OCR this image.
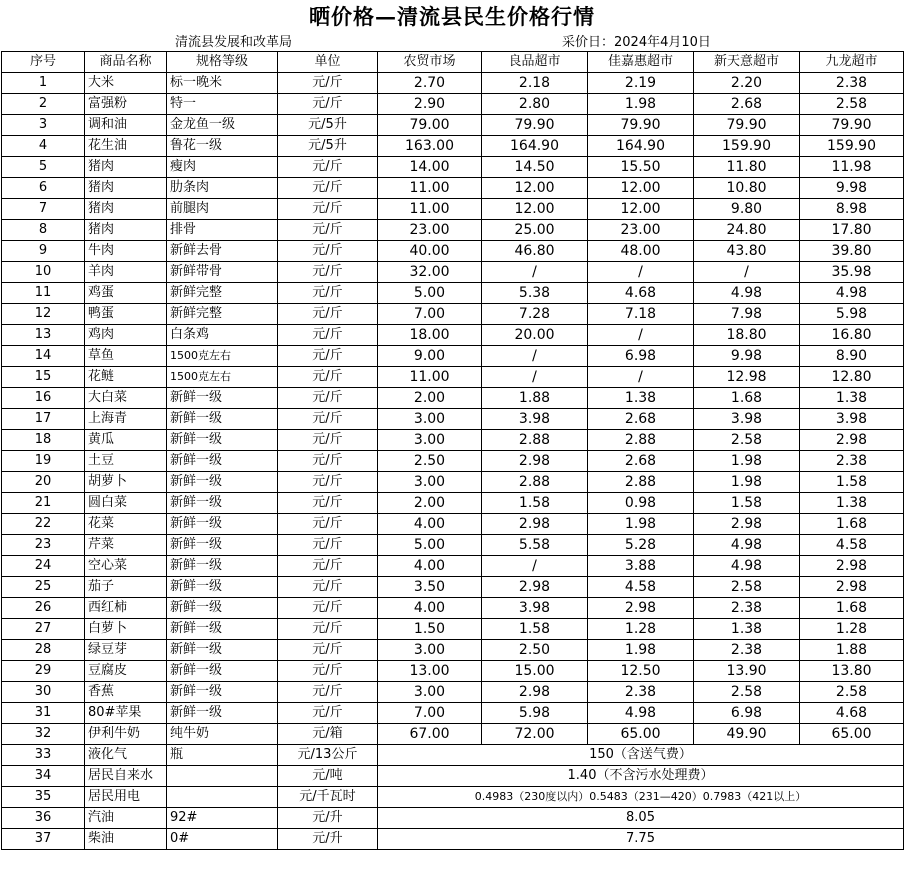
晒价格—清流县民生价格行情
清流县发展和改革局	采价日：2024年4月10日
序号	商品名称	规格等级	单位	农贸市场	良品超市	佳嘉惠超市	新天意超市	九龙超市
1	大米	标一晚米	元/斤	2.70	2.18	2.19	2.20	2.38
2	富强粉	特一	元/斤	2.90	2.80	1.98	2.68	2.58
3	调和油	金龙鱼一级	元/5升	79.00	79.90	79.90	79.90	79.90
4	花生油	鲁花一级	元/5升	163.00	164.90	164.90	159.90	159.90
5	猪肉	瘦肉	元/斤	14.00	14.50	15.50	11.80	11.98
6	猪肉	肋条肉	元/斤	11.00	12.00	12.00	10.80	9.98
7	猪肉	前腿肉	元/斤	11.00	12.00	12.00	9.80	8.98
8	猪肉	排骨	元/斤	23.00	25.00	23.00	24.80	17.80
9	牛肉	新鲜去骨	元/斤	40.00	46.80	48.00	43.80	39.80
10	羊肉	新鲜带骨	元/斤	32.00	/	/	/	35.98
11	鸡蛋	新鲜完整	元/斤	5.00	5.38	4.68	4.98	4.98
12	鸭蛋	新鲜完整	元/斤	7.00	7.28	7.18	7.98	5.98
13	鸡肉	白条鸡	元/斤	18.00	20.00	/	18.80	16.80
14	草鱼	1500克左右	元/斤	9.00	/	6.98	9.98	8.90
15	花鲢	1500克左右	元/斤	11.00	/	/	12.98	12.80
16	大白菜	新鲜一级	元/斤	2.00	1.88	1.38	1.68	1.38
17	上海青	新鲜一级	元/斤	3.00	3.98	2.68	3.98	3.98
18	黄瓜	新鲜一级	元/斤	3.00	2.88	2.88	2.58	2.98
19	土豆	新鲜一级	元/斤	2.50	2.98	2.68	1.98	2.38
20	胡萝卜	新鲜一级	元/斤	3.00	2.88	2.88	1.98	1.58
21	圆白菜	新鲜一级	元/斤	2.00	1.58	0.98	1.58	1.38
22	花菜	新鲜一级	元/斤	4.00	2.98	1.98	2.98	1.68
23	芹菜	新鲜一级	元/斤	5.00	5.58	5.28	4.98	4.58
24	空心菜	新鲜一级	元/斤	4.00	/	3.88	4.98	2.98
25	茄子	新鲜一级	元/斤	3.50	2.98	4.58	2.58	2.98
26	西红柿	新鲜一级	元/斤	4.00	3.98	2.98	2.38	1.68
27	白萝卜	新鲜一级	元/斤	1.50	1.58	1.28	1.38	1.28
28	绿豆芽	新鲜一级	元/斤	3.00	2.50	1.98	2.38	1.88
29	豆腐皮	新鲜一级	元/斤	13.00	15.00	12.50	13.90	13.80
30	香蕉	新鲜一级	元/斤	3.00	2.98	2.38	2.58	2.58
31	80#苹果	新鲜一级	元/斤	7.00	5.98	4.98	6.98	4.68
32	伊利牛奶	纯牛奶	元/箱	67.00	72.00	65.00	49.90	65.00
33	液化气	瓶	元/13公斤	150（含送气费）				
34	居民自来水		元/吨	1.40（不含污水处理费）				
35	居民用电		元/千瓦时	0.4983（230度以内）0.5483（231—420）0.7983（421以上）				
36	汽油	92#	元/升	8.05				
37	柴油	0#	元/升	7.75				
